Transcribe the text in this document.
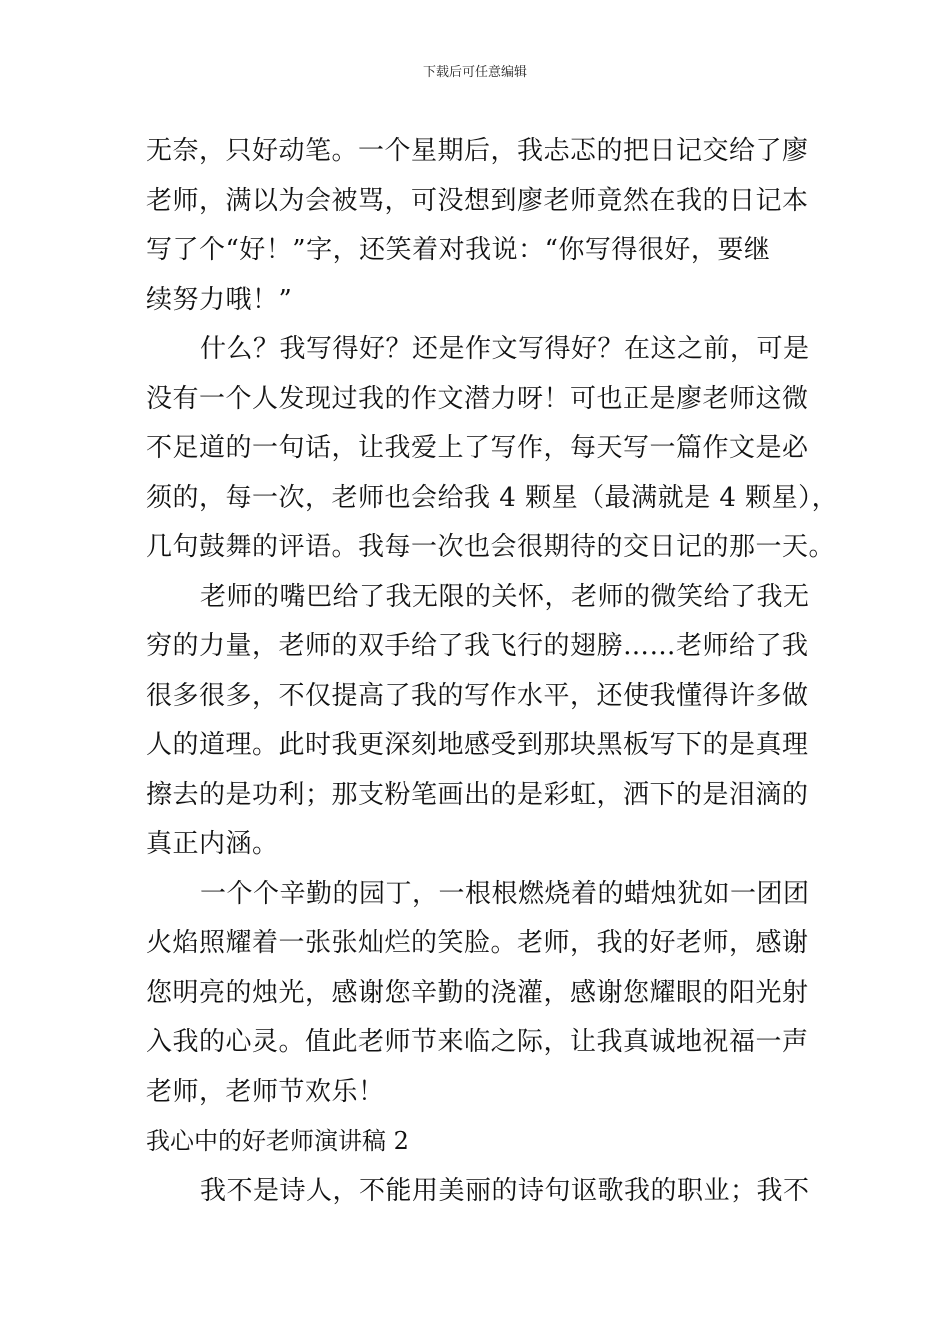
下载后可任意编辑
无奈，只好动笔。一个星期后，我忐忑的把日记交给了廖
老师，满以为会被骂，可没想到廖老师竟然在我的日记本
写了个“好！”字，还笑着对我说：“你写得很好，要继
续努力哦！”
什么？我写得好？还是作文写得好？在这之前，可是
没有一个人发现过我的作文潜力呀！可也正是廖老师这微
不足道的一句话，让我爱上了写作，每天写一篇作文是必
须的，每一次，老师也会给我 4 颗星（最满就是 4 颗星），
几句鼓舞的评语。我每一次也会很期待的交日记的那一天。
老师的嘴巴给了我无限的关怀，老师的微笑给了我无
穷的力量，老师的双手给了我飞行的翅膀……老师给了我
很多很多，不仅提高了我的写作水平，还使我懂得许多做
人的道理。此时我更深刻地感受到那块黑板写下的是真理
擦去的是功利；那支粉笔画出的是彩虹，洒下的是泪滴的
真正内涵。
一个个辛勤的园丁，一根根燃烧着的蜡烛犹如一团团
火焰照耀着一张张灿烂的笑脸。老师，我的好老师，感谢
您明亮的烛光，感谢您辛勤的浇灌，感谢您耀眼的阳光射
入我的心灵。值此老师节来临之际，让我真诚地祝福一声
老师，老师节欢乐！
我心中的好老师演讲稿 2
我不是诗人，不能用美丽的诗句讴歌我的职业；我不
